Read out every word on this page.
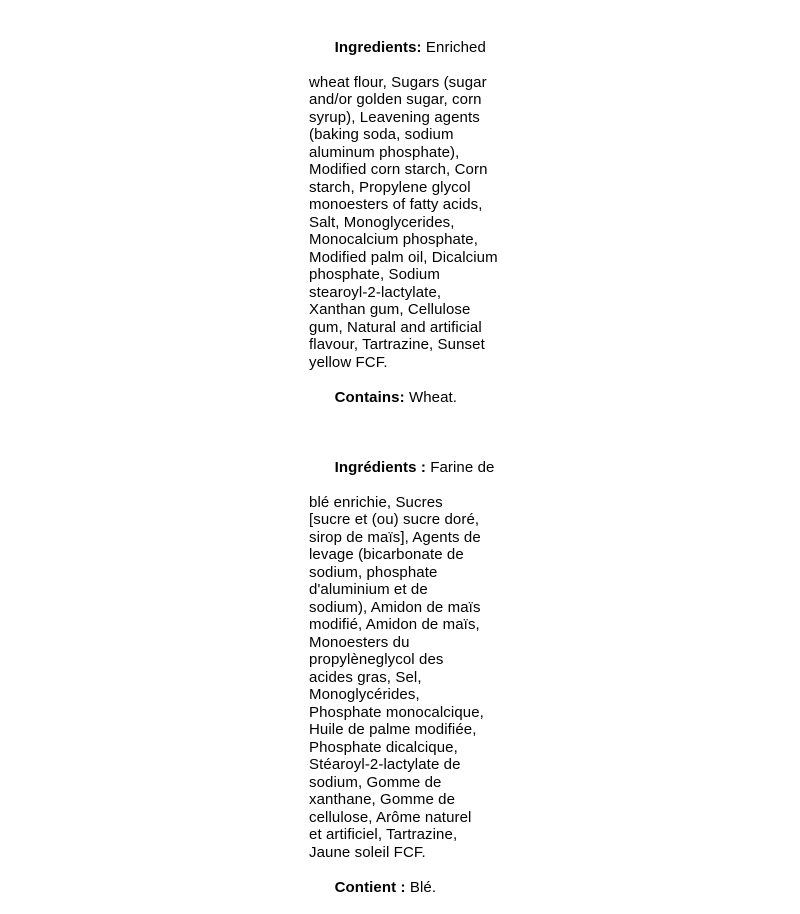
Ingredients: Enriched

wheat flour, Sugars (sugar
and/or golden sugar, corn
syrup), Leavening agents
(baking soda, sodium
aluminum phosphate),
Modified corn starch, Corn
starch, Propylene glycol
monoesters of fatty acids,
Salt, Monoglycerides,
Monocalcium phosphate,
Modified palm oil, Dicalcium
phosphate, Sodium
stearoyl-2-lactylate,
Xanthan gum, Cellulose
gum, Natural and artificial
flavour, Tartrazine, Sunset
yellow FCF.

Contains: Wheat.

Ingrédients : Farine de

blé enrichie, Sucres
[sucre et (ou) sucre doré,
sirop de maïs], Agents de
levage (bicarbonate de
sodium, phosphate
d'aluminium et de
sodium), Amidon de maïs
modifié, Amidon de maïs,
Monoesters du
propylèneglycol des
acides gras, Sel,
Monoglycérides,
Phosphate monocalcique,
Huile de palme modifiée,
Phosphate dicalcique,
Stéaroyl-2-lactylate de
sodium, Gomme de
xanthane, Gomme de
cellulose, Arôme naturel
et artificiel, Tartrazine,
Jaune soleil FCF.

Contient : Blé.
